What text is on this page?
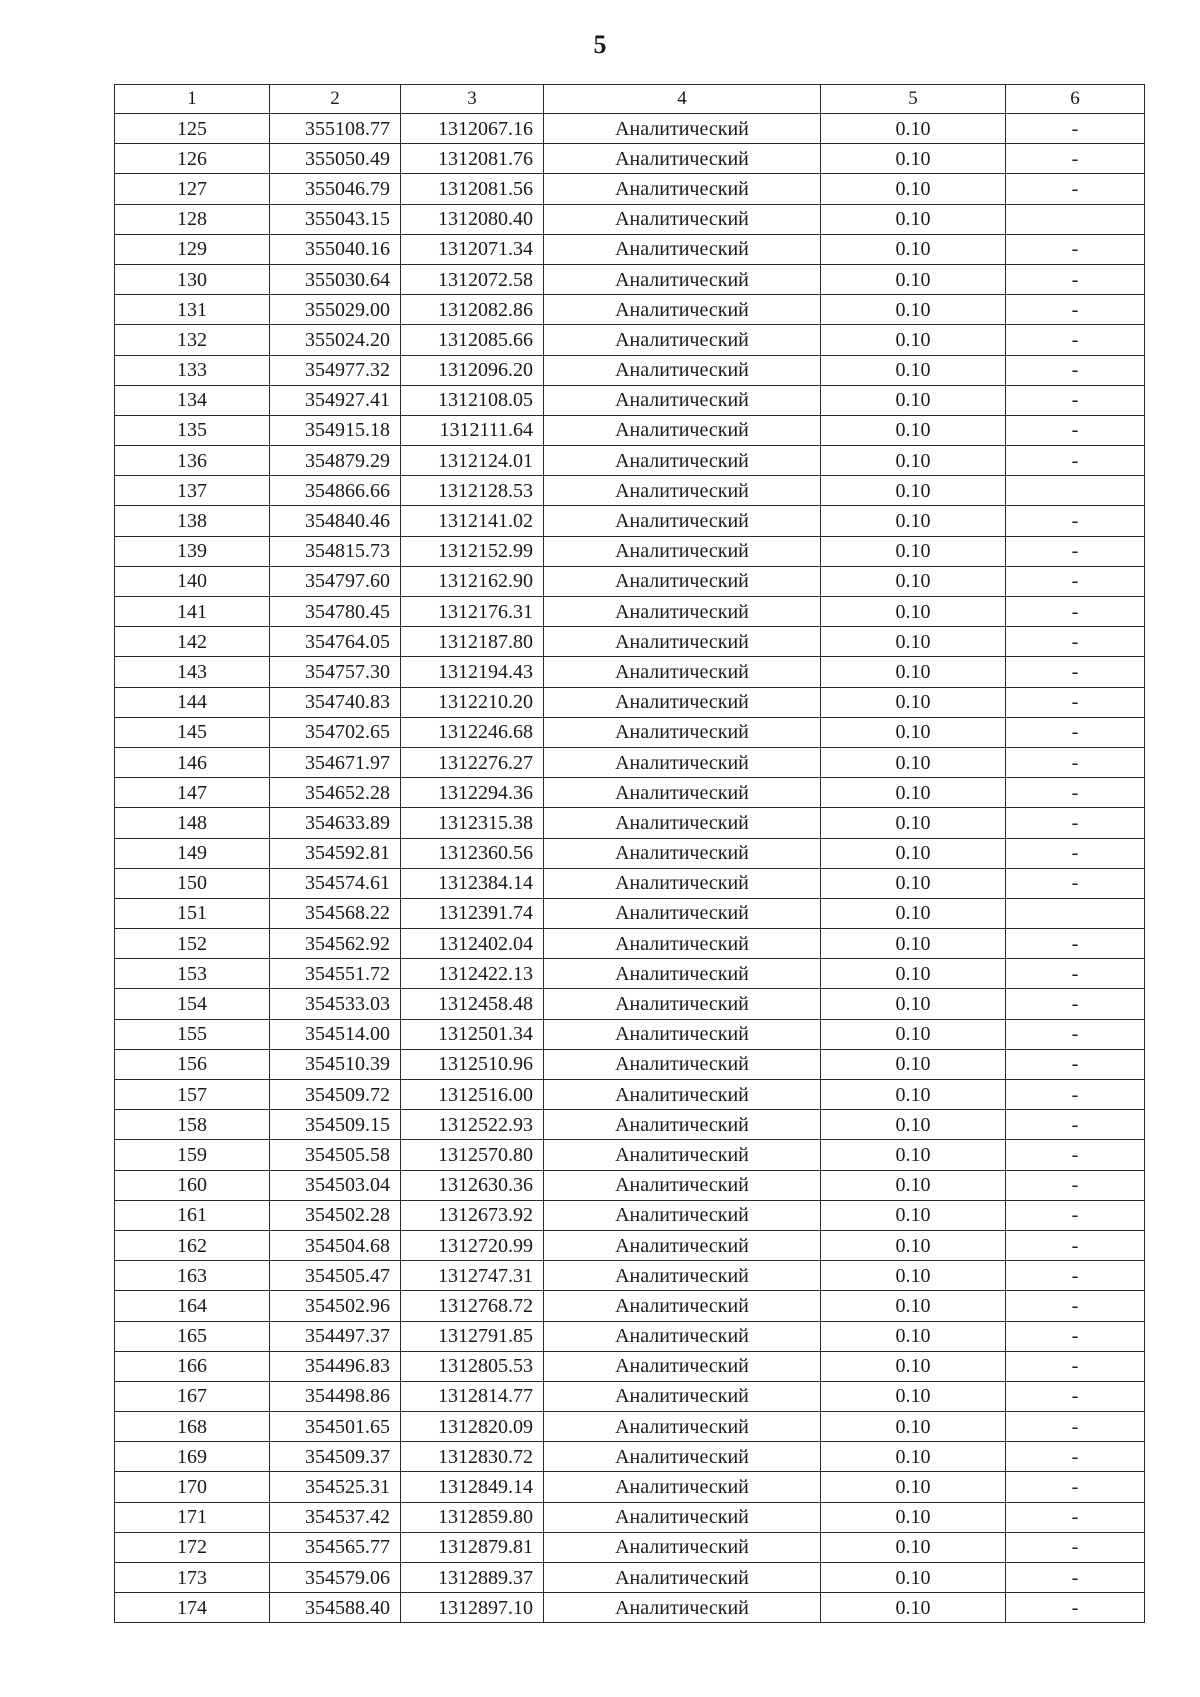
5
1	2	3	4	5	6
125	355108.77	1312067.16	Аналитический	0.10	-
126	355050.49	1312081.76	Аналитический	0.10	-
127	355046.79	1312081.56	Аналитический	0.10	-
128	355043.15	1312080.40	Аналитический	0.10	
129	355040.16	1312071.34	Аналитический	0.10	-
130	355030.64	1312072.58	Аналитический	0.10	-
131	355029.00	1312082.86	Аналитический	0.10	-
132	355024.20	1312085.66	Аналитический	0.10	-
133	354977.32	1312096.20	Аналитический	0.10	-
134	354927.41	1312108.05	Аналитический	0.10	-
135	354915.18	1312111.64	Аналитический	0.10	-
136	354879.29	1312124.01	Аналитический	0.10	-
137	354866.66	1312128.53	Аналитический	0.10	
138	354840.46	1312141.02	Аналитический	0.10	-
139	354815.73	1312152.99	Аналитический	0.10	-
140	354797.60	1312162.90	Аналитический	0.10	-
141	354780.45	1312176.31	Аналитический	0.10	-
142	354764.05	1312187.80	Аналитический	0.10	-
143	354757.30	1312194.43	Аналитический	0.10	-
144	354740.83	1312210.20	Аналитический	0.10	-
145	354702.65	1312246.68	Аналитический	0.10	-
146	354671.97	1312276.27	Аналитический	0.10	-
147	354652.28	1312294.36	Аналитический	0.10	-
148	354633.89	1312315.38	Аналитический	0.10	-
149	354592.81	1312360.56	Аналитический	0.10	-
150	354574.61	1312384.14	Аналитический	0.10	-
151	354568.22	1312391.74	Аналитический	0.10	
152	354562.92	1312402.04	Аналитический	0.10	-
153	354551.72	1312422.13	Аналитический	0.10	-
154	354533.03	1312458.48	Аналитический	0.10	-
155	354514.00	1312501.34	Аналитический	0.10	-
156	354510.39	1312510.96	Аналитический	0.10	-
157	354509.72	1312516.00	Аналитический	0.10	-
158	354509.15	1312522.93	Аналитический	0.10	-
159	354505.58	1312570.80	Аналитический	0.10	-
160	354503.04	1312630.36	Аналитический	0.10	-
161	354502.28	1312673.92	Аналитический	0.10	-
162	354504.68	1312720.99	Аналитический	0.10	-
163	354505.47	1312747.31	Аналитический	0.10	-
164	354502.96	1312768.72	Аналитический	0.10	-
165	354497.37	1312791.85	Аналитический	0.10	-
166	354496.83	1312805.53	Аналитический	0.10	-
167	354498.86	1312814.77	Аналитический	0.10	-
168	354501.65	1312820.09	Аналитический	0.10	-
169	354509.37	1312830.72	Аналитический	0.10	-
170	354525.31	1312849.14	Аналитический	0.10	-
171	354537.42	1312859.80	Аналитический	0.10	-
172	354565.77	1312879.81	Аналитический	0.10	-
173	354579.06	1312889.37	Аналитический	0.10	-
174	354588.40	1312897.10	Аналитический	0.10	-
